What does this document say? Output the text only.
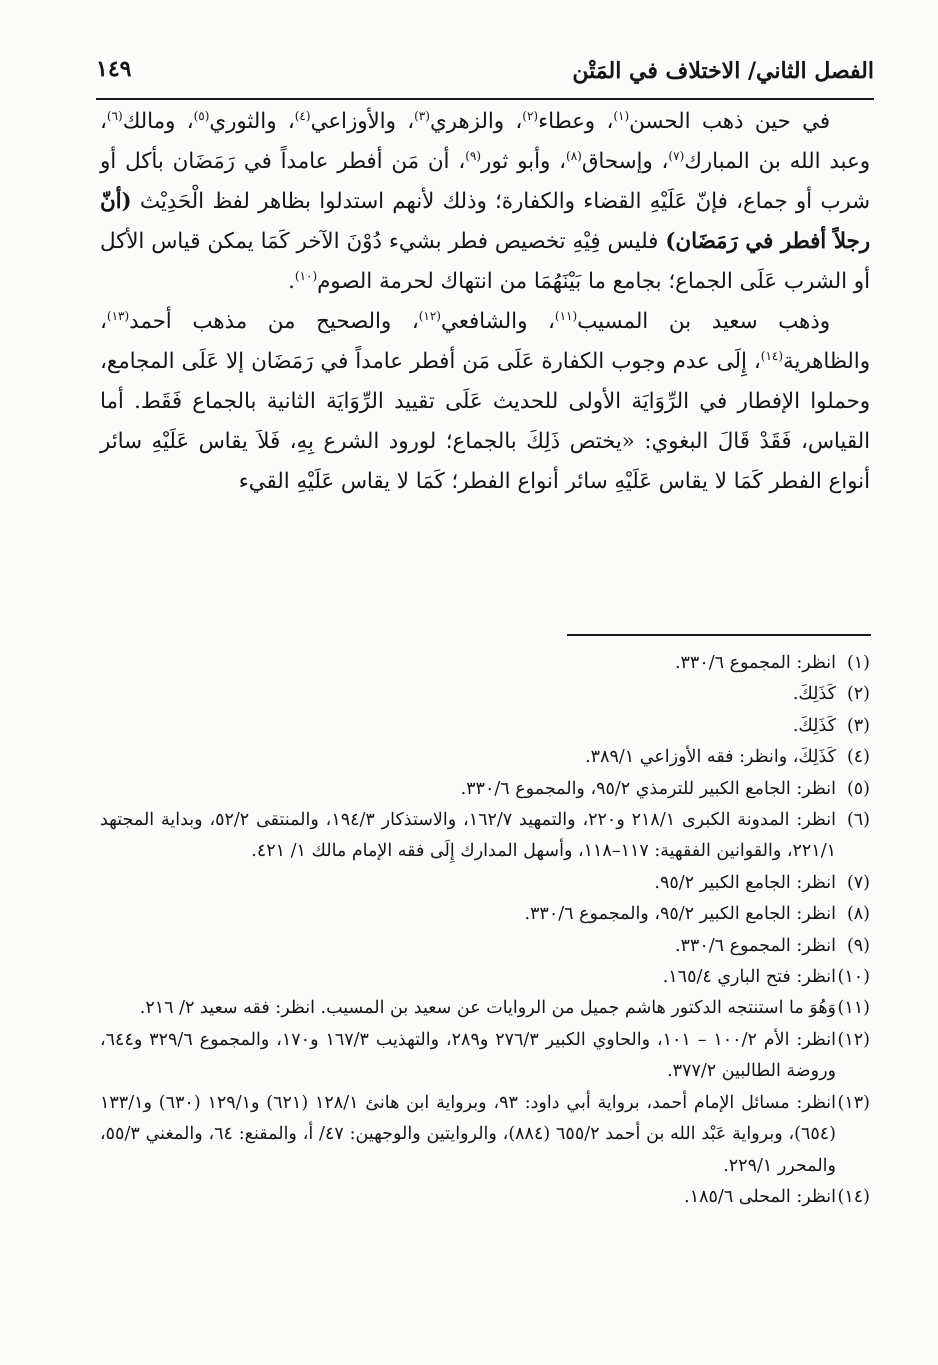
١٤٩	الفصل الثاني/ الاختلاف في المَتْن

في حين ذهب الحسن$^{(١)}$، وعطاء$^{(٢)}$، والزهري$^{(٣)}$، والأوزاعي$^{(٤)}$، والثوري$^{(٥)}$، ومالك$^{(٦)}$، وعبد الله بن المبارك$^{(٧)}$، وإسحاق$^{(٨)}$، وأبو ثور$^{(٩)}$، أن مَن أفطر عامداً في رَمَضَان بأكل أو شرب أو جماع، فإنّ عَلَيْهِ القضاء والكفارة؛ وذلك لأنهم استدلوا بظاهر لفظ الْحَدِيْث (أنّ رجلاً أفطر في رَمَضَان) فليس فِيْهِ تخصيص فطر بشيء دُوْنَ الآخر كَمَا يمكن قياس الأكل أو الشرب عَلَى الجماع؛ بجامع ما بَيْنَهُمَا من انتهاك لحرمة الصوم$^{(١٠)}$.

وذهب سعيد بن المسيب$^{(١١)}$، والشافعي$^{(١٢)}$، والصحيح من مذهب أحمد$^{(١٣)}$، والظاهرية$^{(١٤)}$، إِلَى عدم وجوب الكفارة عَلَى مَن أفطر عامداً في رَمَضَان إلا عَلَى المجامع، وحملوا الإفطار في الرِّوَايَة الأولى للحديث عَلَى تقييد الرِّوَايَة الثانية بالجماع فَقَط. أما القياس، فَقَدْ قَالَ البغوي: «يختص ذَلِكَ بالجماع؛ لورود الشرع بِهِ، فَلاَ يقاس عَلَيْهِ سائر أنواع الفطر كَمَا لا يقاس عَلَيْهِ سائر أنواع الفطر؛ كَمَا لا يقاس عَلَيْهِ القيء

(١)
انظر: المجموع ٣٣٠/٦.
(٢)
كَذَلِكَ.
(٣)
كَذَلِكَ.
(٤)
كَذَلِكَ، وانظر: فقه الأوزاعي ٣٨٩/١.
(٥)
انظر: الجامع الكبير للترمذي ٩٥/٢، والمجموع ٣٣٠/٦.
(٦)
انظر: المدونة الكبرى ٢١٨/١ و٢٢٠، والتمهيد ١٦٢/٧، والاستذكار ١٩٤/٣، والمنتقى ٥٢/٢، وبداية المجتهد ٢٢١/١، والقوانين الفقهية: ١١٧–١١٨، وأسهل المدارك إِلَى فقه الإمام مالك ١/ ٤٢١.
(٧)
انظر: الجامع الكبير ٩٥/٢.
(٨)
انظر: الجامع الكبير ٩٥/٢، والمجموع ٣٣٠/٦.
(٩)
انظر: المجموع ٣٣٠/٦.
(١٠)
انظر: فتح الباري ١٦٥/٤.
(١١)
وَهُوَ ما استنتجه الدكتور هاشم جميل من الروايات عن سعيد بن المسيب. انظر: فقه سعيد ٢/ ٢١٦.
(١٢)
انظر: الأم ١٠٠/٢ – ١٠١، والحاوي الكبير ٢٧٦/٣ و٢٨٩، والتهذيب ١٦٧/٣ و١٧٠، والمجموع ٣٢٩/٦ و٦٤٤، وروضة الطالبين ٣٧٧/٢.
(١٣)
انظر: مسائل الإمام أحمد، برواية أبي داود: ٩٣، وبرواية ابن هانئ ١٢٨/١ (٦٢١) و١٢٩/١ (٦٣٠) و١٣٣/١ (٦٥٤)، وبرواية عَبْد الله بن أحمد ٦٥٥/٢ (٨٨٤)، والروايتين والوجهين: ٤٧/ أ، والمقنع: ٦٤، والمغني ٥٥/٣، والمحرر ٢٢٩/١.
(١٤)
انظر: المحلى ١٨٥/٦.
